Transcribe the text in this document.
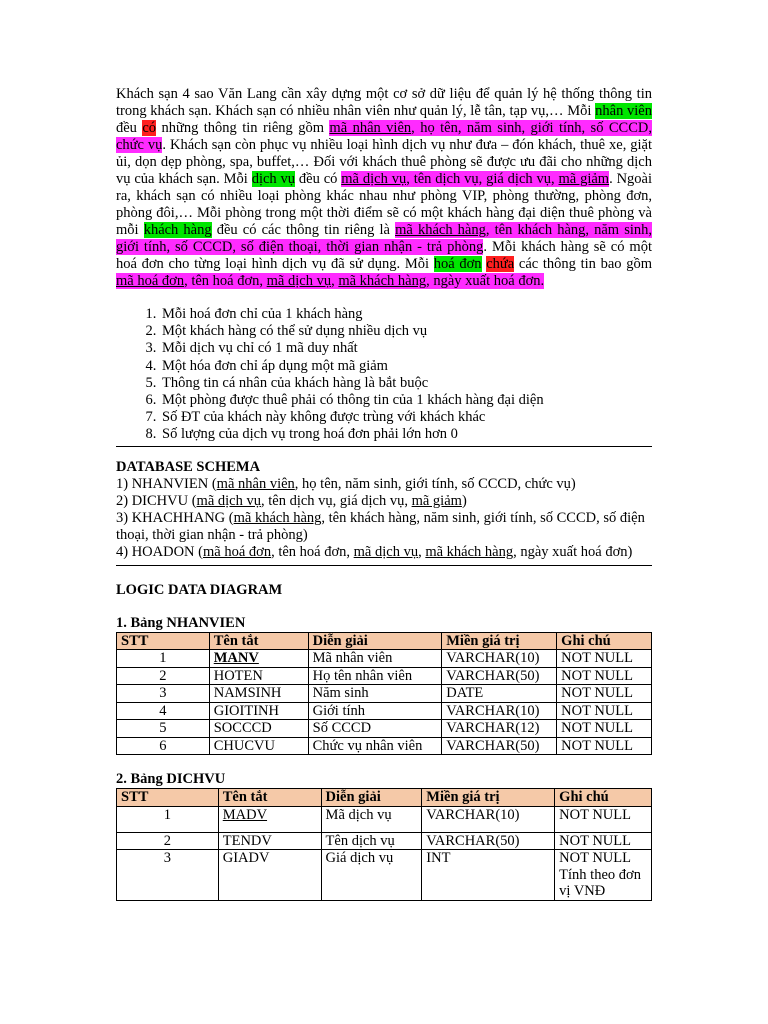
Khách sạn 4 sao Văn Lang cần xây dựng một cơ sở dữ liệu để quản lý hệ thống thông tin trong khách sạn. Khách sạn có nhiều nhân viên như quản lý, lễ tân, tạp vụ,… Mỗi nhân viên đều có những thông tin riêng gồm mã nhân viên, họ tên, năm sinh, giới tính, số CCCD, chức vụ. Khách sạn còn phục vụ nhiều loại hình dịch vụ như đưa – đón khách, thuê xe, giặt ủi, dọn dẹp phòng, spa, buffet,… Đối với khách thuê phòng sẽ được ưu đãi cho những dịch vụ của khách sạn. Mỗi dịch vụ đều có mã dịch vụ, tên dịch vụ, giá dịch vụ, mã giảm. Ngoài ra, khách sạn có nhiều loại phòng khác nhau như phòng VIP, phòng thường, phòng đơn, phòng đôi,… Mỗi phòng trong một thời điểm sẽ có một khách hàng đại diện thuê phòng và mỗi khách hàng đều có các thông tin riêng là mã khách hàng, tên khách hàng, năm sinh, giới tính, số CCCD, số điện thoại, thời gian nhận - trả phòng. Mỗi khách hàng sẽ có một hoá đơn cho từng loại hình dịch vụ đã sử dụng. Mỗi hoá đơn chứa các thông tin bao gồm mã hoá đơn, tên hoá đơn, mã dịch vụ, mã khách hàng, ngày xuất hoá đơn.

1. Mỗi hoá đơn chỉ của 1 khách hàng
2. Một khách hàng có thể sử dụng nhiều dịch vụ
3. Mỗi dịch vụ chỉ có 1 mã duy nhất
4. Một hóa đơn chỉ áp dụng một mã giảm
5. Thông tin cá nhân của khách hàng là bắt buộc
6. Một phòng được thuê phải có thông tin của 1 khách hàng đại diện
7. Số ĐT của khách này không được trùng với khách khác
8. Số lượng của dịch vụ trong hoá đơn phải lớn hơn 0
DATABASE SCHEMA

1) NHANVIEN (mã nhân viên, họ tên, năm sinh, giới tính, số CCCD, chức vụ)

2) DICHVU (mã dịch vụ, tên dịch vụ, giá dịch vụ, mã giảm)

3) KHACHHANG (mã khách hàng, tên khách hàng, năm sinh, giới tính, số CCCD, số điện thoại, thời gian nhận - trả phòng)

4) HOADON (mã hoá đơn, tên hoá đơn, mã dịch vụ, mã khách hàng, ngày xuất hoá đơn)

LOGIC DATA DIAGRAM
1. Bảng NHANVIEN
STT	Tên tắt	Diễn giải	Miền giá trị	Ghi chú
1	MANV	Mã nhân viên	VARCHAR(10)	NOT NULL
2	HOTEN	Họ tên nhân viên	VARCHAR(50)	NOT NULL
3	NAMSINH	Năm sinh	DATE	NOT NULL
4	GIOITINH	Giới tính	VARCHAR(10)	NOT NULL
5	SOCCCD	Số CCCD	VARCHAR(12)	NOT NULL
6	CHUCVU	Chức vụ nhân viên	VARCHAR(50)	NOT NULL
2. Bảng DICHVU
STT	Tên tắt	Diễn giải	Miền giá trị	Ghi chú
1	MADV	Mã dịch vụ	VARCHAR(10)	NOT NULL
2	TENDV	Tên dịch vụ	VARCHAR(50)	NOT NULL
3	GIADV	Giá dịch vụ	INT	NOT NULL
Tính theo đơn vị VNĐ
